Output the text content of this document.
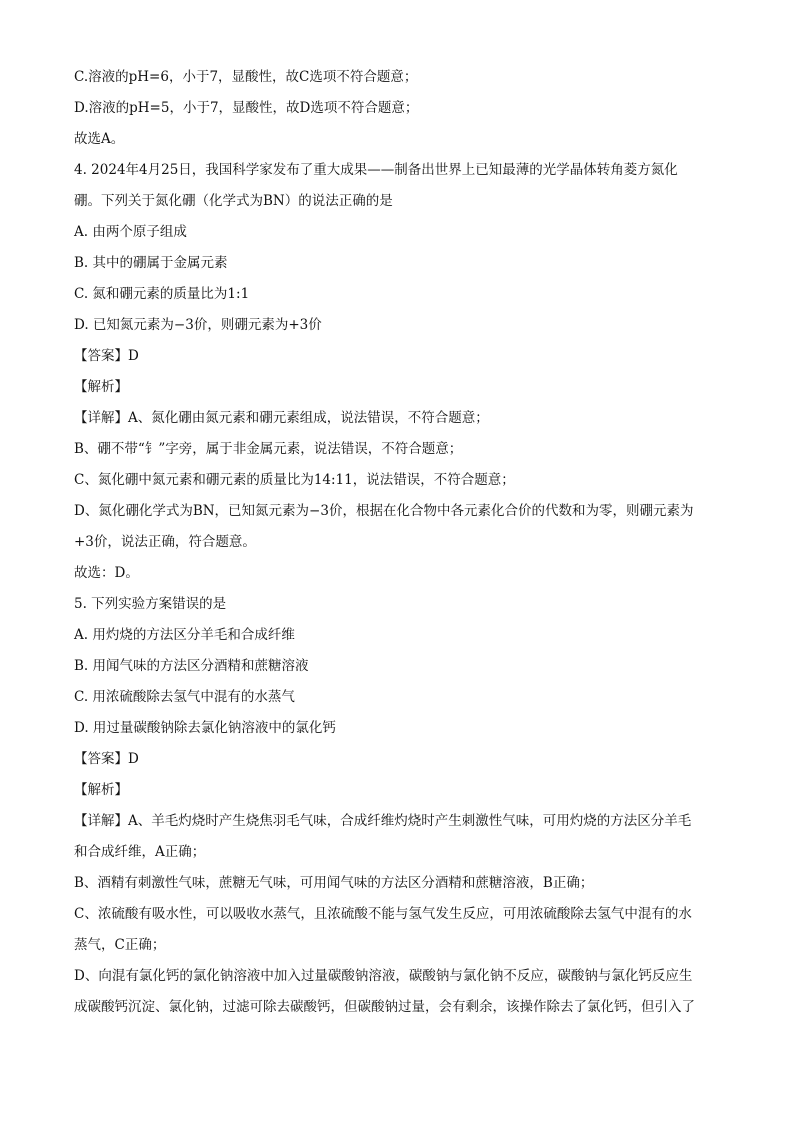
C.溶液的pH=6，小于7，显酸性，故C选项不符合题意；
D.溶液的pH=5，小于7，显酸性，故D选项不符合题意；
故选A。
4. 2024年4月25日，我国科学家发布了重大成果——制备出世界上已知最薄的光学晶体转角菱方氮化
硼。下列关于氮化硼（化学式为BN）的说法正确的是
A. 由两个原子组成
B. 其中的硼属于金属元素
C. 氮和硼元素的质量比为1:1
D. 已知氮元素为−3价，则硼元素为+3价
【答案】D
【解析】
【详解】A、氮化硼由氮元素和硼元素组成，说法错误，不符合题意；
B、硼不带“钅”字旁，属于非金属元素，说法错误，不符合题意；
C、氮化硼中氮元素和硼元素的质量比为14:11，说法错误，不符合题意；
D、氮化硼化学式为BN，已知氮元素为−3价，根据在化合物中各元素化合价的代数和为零，则硼元素为
+3价，说法正确，符合题意。
故选：D。
5. 下列实验方案错误的是
A. 用灼烧的方法区分羊毛和合成纤维
B. 用闻气味的方法区分酒精和蔗糖溶液
C. 用浓硫酸除去氢气中混有的水蒸气
D. 用过量碳酸钠除去氯化钠溶液中的氯化钙
【答案】D
【解析】
【详解】A、羊毛灼烧时产生烧焦羽毛气味，合成纤维灼烧时产生刺激性气味，可用灼烧的方法区分羊毛
和合成纤维，A正确；
B、酒精有刺激性气味，蔗糖无气味，可用闻气味的方法区分酒精和蔗糖溶液，B正确；
C、浓硫酸有吸水性，可以吸收水蒸气，且浓硫酸不能与氢气发生反应，可用浓硫酸除去氢气中混有的水
蒸气，C正确；
D、向混有氯化钙的氯化钠溶液中加入过量碳酸钠溶液，碳酸钠与氯化钠不反应，碳酸钠与氯化钙反应生
成碳酸钙沉淀、氯化钠，过滤可除去碳酸钙，但碳酸钠过量，会有剩余，该操作除去了氯化钙，但引入了
